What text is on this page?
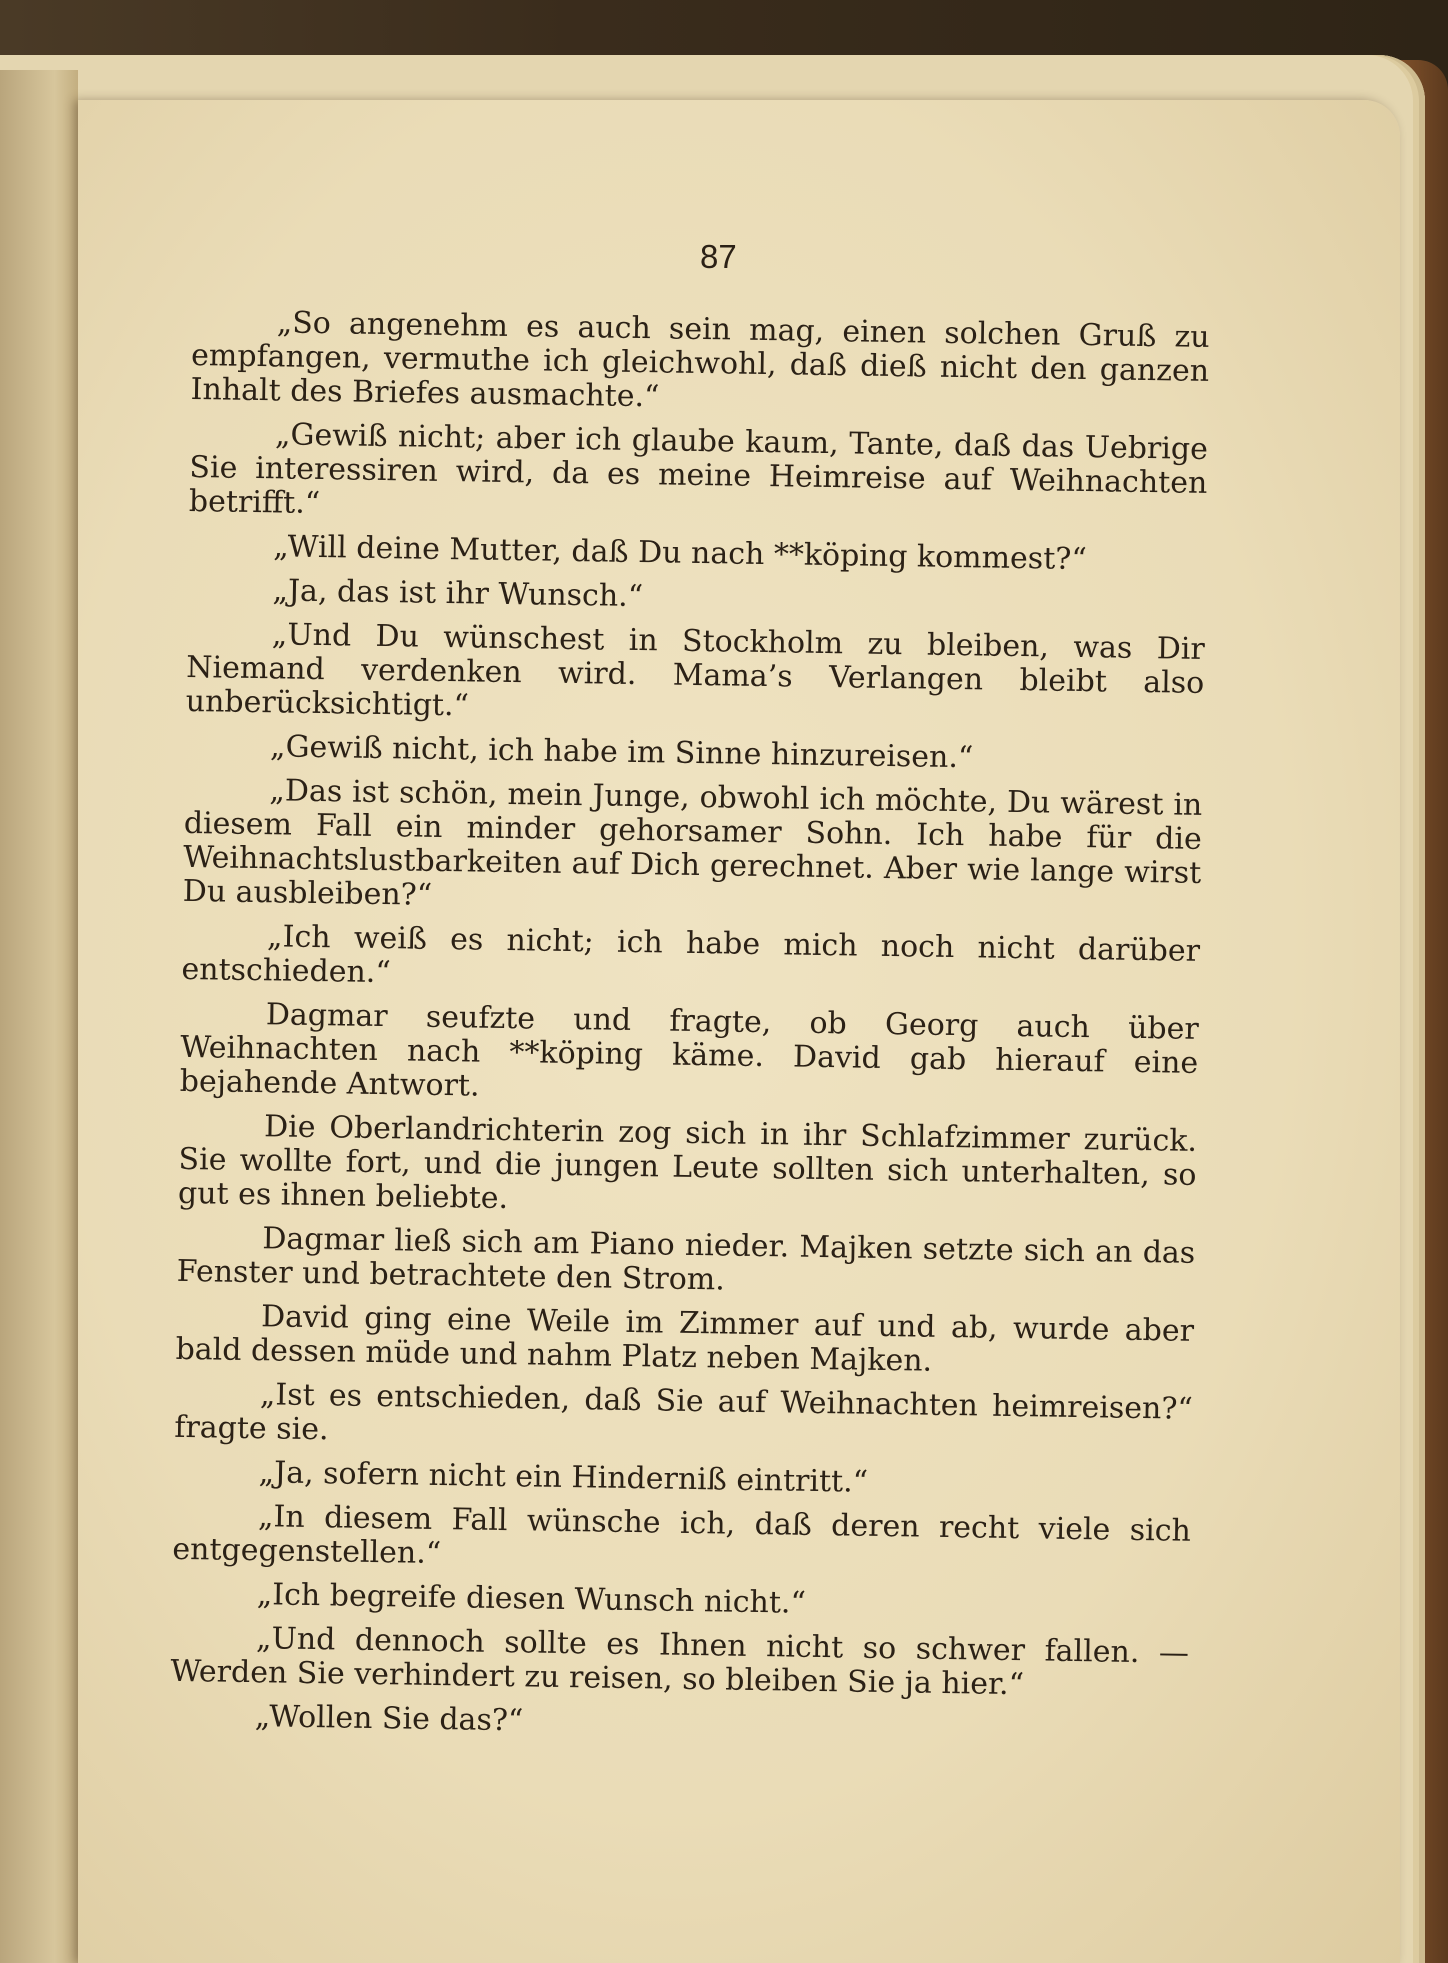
87

„So angenehm es auch sein mag, einen solchen Gruß zu empfangen, vermuthe ich gleichwohl, daß dieß nicht den ganzen Inhalt des Briefes ausmachte.“

„Gewiß nicht; aber ich glaube kaum, Tante, daß das Uebrige Sie interessiren wird, da es meine Heimreise auf Weihnachten betrifft.“

„Will deine Mutter, daß Du nach **köping kommest?“

„Ja, das ist ihr Wunsch.“

„Und Du wünschest in Stockholm zu bleiben, was Dir Niemand verdenken wird. Mama’s Verlangen bleibt also unberücksichtigt.“

„Gewiß nicht, ich habe im Sinne hinzureisen.“

„Das ist schön, mein Junge, obwohl ich möchte, Du wärest in diesem Fall ein minder gehorsamer Sohn. Ich habe für die Weihnachtslustbarkeiten auf Dich gerechnet. Aber wie lange wirst Du ausbleiben?“

„Ich weiß es nicht; ich habe mich noch nicht darüber entschieden.“

Dagmar seufzte und fragte, ob Georg auch über Weihnachten nach **köping käme. David gab hierauf eine bejahende Antwort.

Die Oberlandrichterin zog sich in ihr Schlafzimmer zurück. Sie wollte fort, und die jungen Leute sollten sich unterhalten, so gut es ihnen beliebte.

Dagmar ließ sich am Piano nieder. Majken setzte sich an das Fenster und betrachtete den Strom.

David ging eine Weile im Zimmer auf und ab, wurde aber bald dessen müde und nahm Platz neben Majken.

„Ist es entschieden, daß Sie auf Weihnachten heimreisen?“ fragte sie.

„Ja, sofern nicht ein Hinderniß eintritt.“

„In diesem Fall wünsche ich, daß deren recht viele sich entgegenstellen.“

„Ich begreife diesen Wunsch nicht.“

„Und dennoch sollte es Ihnen nicht so schwer fallen. — Werden Sie verhindert zu reisen, so bleiben Sie ja hier.“

„Wollen Sie das?“
